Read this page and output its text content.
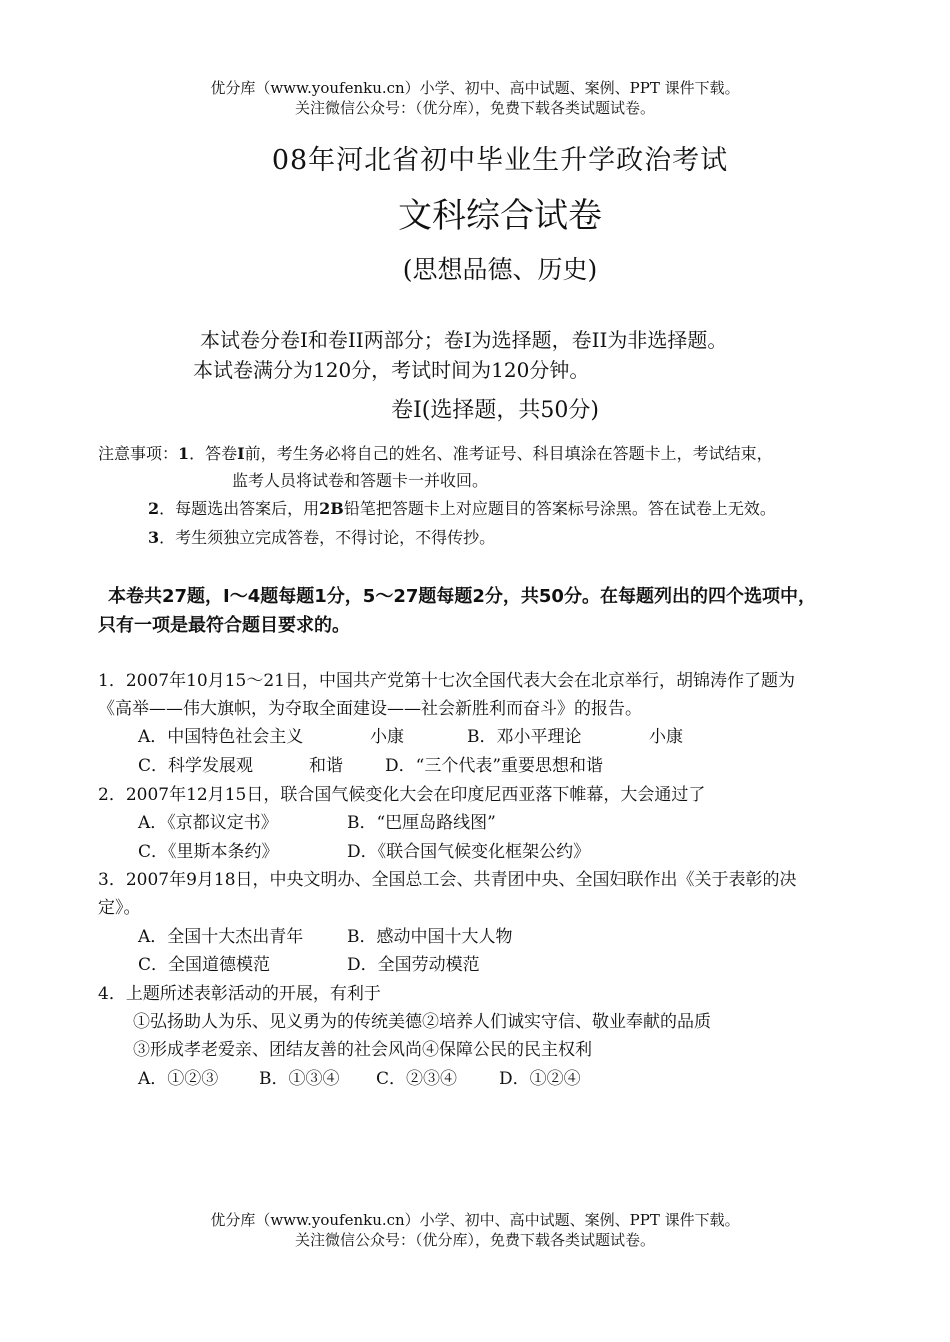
优分库（www.youfenku.cn）小学、初中、高中试题、案例、PPT 课件下载。
关注微信公众号：（优分库），免费下载各类试题试卷。
08年河北省初中毕业生升学政治考试
文科综合试卷
(思想品德、历史)
本试卷分卷I和卷II两部分；卷I为选择题，卷II为非选择题。
本试卷满分为120分，考试时间为120分钟。
卷Ⅰ(选择题，共50分)
注意事项：1．答卷I前，考生务必将自己的姓名、准考证号、科目填涂在答题卡上，考试结束，
监考人员将试卷和答题卡一并收回。
2．每题选出答案后，用2B铅笔把答题卡上对应题目的答案标号涂黑。答在试卷上无效。
3．考生须独立完成答卷，不得讨论，不得传抄。
本卷共27题，Ⅰ～4题每题1分，5～27题每题2分，共50分。在每题列出的四个选项中，
只有一项是最符合题目要求的。
1．2007年10月15～21日，中国共产党第十七次全国代表大会在北京举行，胡锦涛作了题为
《高举——伟大旗帜，为夺取全面建设——社会新胜利而奋斗》的报告。
A．中国特色社会主义	小康	B．邓小平理论	小康
C．科学发展观	和谐 D．“三个代表”重要思想和谐
2．2007年12月15日，联合国气候变化大会在印度尼西亚落下帷幕，大会通过了
A．《京都议定书》	B．“巴厘岛路线图”
C．《里斯本条约》	D．《联合国气候变化框架公约》
3．2007年9月18日，中央文明办、全国总工会、共青团中央、全国妇联作出《关于表彰的决
定》。
A．全国十大杰出青年	B．感动中国十大人物
C．全国道德模范	D．全国劳动模范
4．上题所述表彰活动的开展，有利于
①弘扬助人为乐、见义勇为的传统美德②培养人们诚实守信、敬业奉献的品质
③形成孝老爱亲、团结友善的社会风尚④保障公民的民主权利
A．①②③ B．①③④ C．②③④ D．①②④
优分库（www.youfenku.cn）小学、初中、高中试题、案例、PPT 课件下载。
关注微信公众号：（优分库），免费下载各类试题试卷。
